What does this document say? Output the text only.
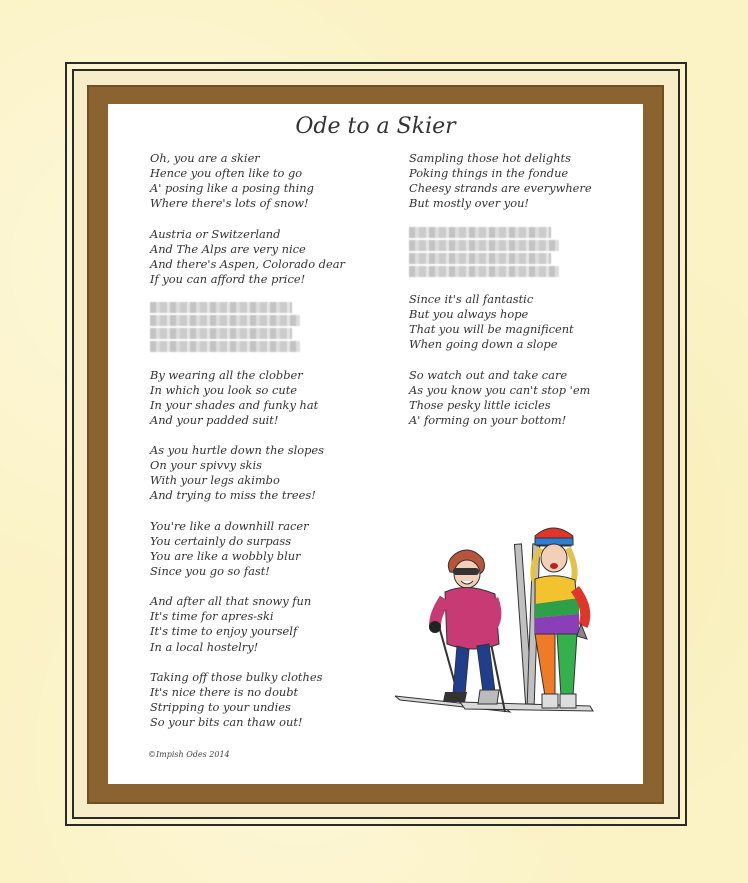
Ode to a Skier
Oh, you are a skier
Hence you often like to go
A' posing like a posing thing
Where there's lots of snow!
Austria or Switzerland
And The Alps are very nice
And there's Aspen, Colorado dear
If you can afford the price!
By wearing all the clobber
In which you look so cute
In your shades and funky hat
And your padded suit!
As you hurtle down the slopes
On your spivvy skis
With your legs akimbo
And trying to miss the trees!
You're like a downhill racer
You certainly do surpass
You are like a wobbly blur
Since you go so fast!
And after all that snowy fun
It's time for apres-ski
It's time to enjoy yourself
In a local hostelry!
Taking off those bulky clothes
It's nice there is no doubt
Stripping to your undies
So your bits can thaw out!
Sampling those hot delights
Poking things in the fondue
Cheesy strands are everywhere
But mostly over you!
Since it's all fantastic
But you always hope
That you will be magnificent
When going down a slope
So watch out and take care
As you know you can't stop 'em
Those pesky little icicles
A' forming on your bottom!
©Impish Odes 2014
